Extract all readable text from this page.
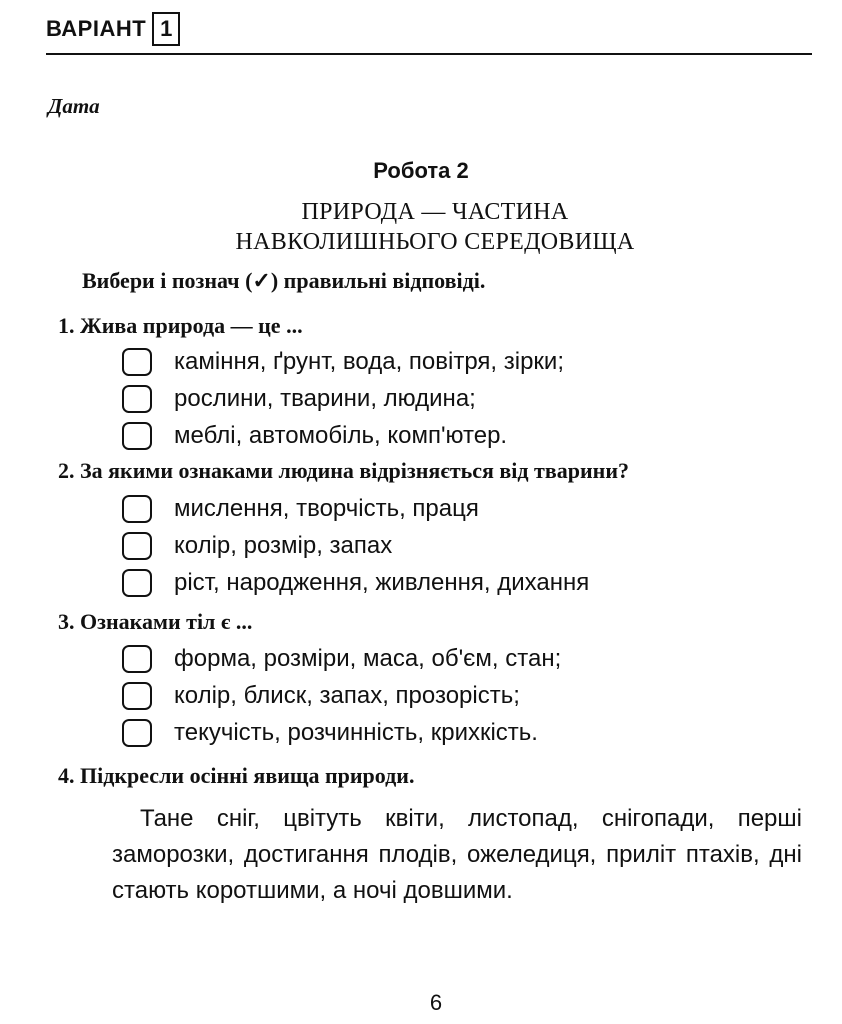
ВАРІАНТ 1
Дата
Робота 2
ПРИРОДА — ЧАСТИНА
НАВКОЛИШНЬОГО СЕРЕДОВИЩА
Вибери і познач (✓) правильні відповіді.
1. Жива природа — це ...
каміння, ґрунт, вода, повітря, зірки;
рослини, тварини, людина;
меблі, автомобіль, комп'ютер.
2. За якими ознаками людина відрізняється від тварини?
мислення, творчість, праця
колір, розмір, запах
ріст, народження, живлення, дихання
3. Ознаками тіл є ...
форма, розміри, маса, об'єм, стан;
колір, блиск, запах, прозорість;
текучість, розчинність, крихкість.
4. Підкресли осінні явища природи.
Тане сніг, цвітуть квіти, листопад, снігопади, перші заморозки, достигання плодів, ожеледиця, приліт птахів, дні стають коротшими, а ночі довшими.
6
